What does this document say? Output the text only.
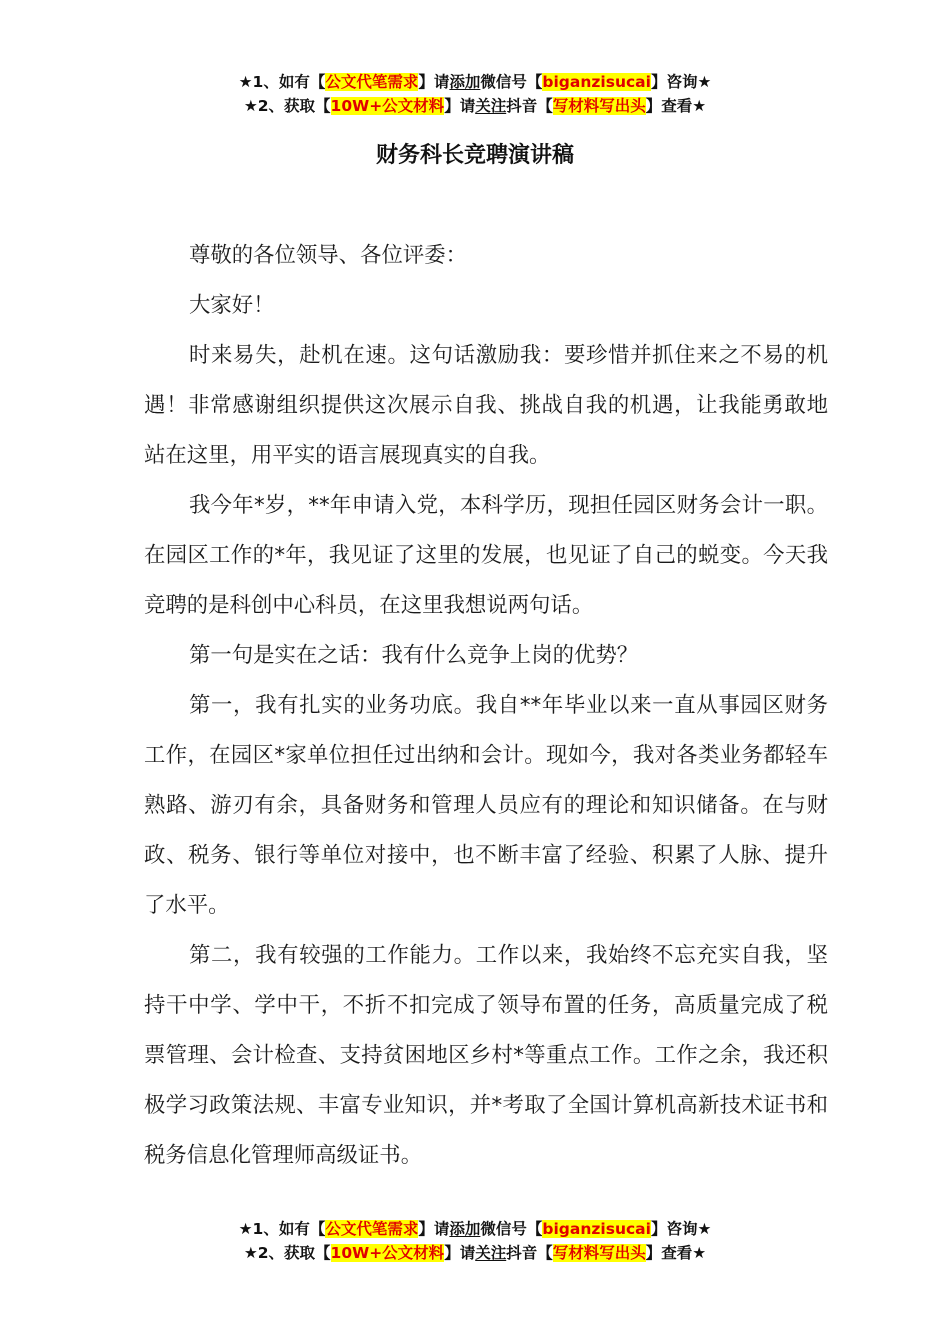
★1、如有【公文代笔需求】请添加微信号【biganzisucai】咨询★
★2、获取【10W+公文材料】请关注抖音【写材料写出头】查看★
财务科长竞聘演讲稿

尊敬的各位领导、各位评委：

大家好！

时来易失，赴机在速。这句话激励我：要珍惜并抓住来之不易的机遇！非常感谢组织提供这次展示自我、挑战自我的机遇，让我能勇敢地站在这里，用平实的语言展现真实的自我。

我今年*岁，**年申请入党，本科学历，现担任园区财务会计一职。在园区工作的*年，我见证了这里的发展，也见证了自己的蜕变。今天我竞聘的是科创中心科员，在这里我想说两句话。

第一句是实在之话：我有什么竞争上岗的优势？

第一，我有扎实的业务功底。我自**年毕业以来一直从事园区财务工作，在园区*家单位担任过出纳和会计。现如今，我对各类业务都轻车熟路、游刃有余，具备财务和管理人员应有的理论和知识储备。在与财政、税务、银行等单位对接中，也不断丰富了经验、积累了人脉、提升了水平。

第二，我有较强的工作能力。工作以来，我始终不忘充实自我，坚持干中学、学中干，不折不扣完成了领导布置的任务，高质量完成了税票管理、会计检查、支持贫困地区乡村*等重点工作。工作之余，我还积极学习政策法规、丰富专业知识，并*考取了全国计算机高新技术证书和税务信息化管理师高级证书。

★1、如有【公文代笔需求】请添加微信号【biganzisucai】咨询★
★2、获取【10W+公文材料】请关注抖音【写材料写出头】查看★
